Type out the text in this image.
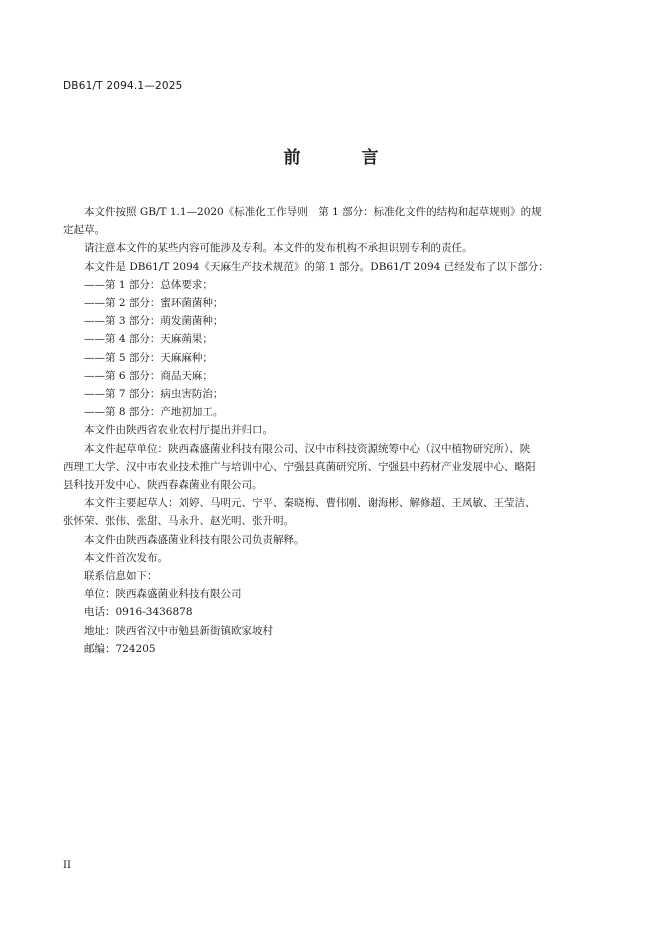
DB61/T 2094.1—2025
前　言

本文件按照 GB/T 1.1—2020《标准化工作导则　第 1 部分：标准化文件的结构和起草规则》的规

定起草。

请注意本文件的某些内容可能涉及专利。本文件的发布机构不承担识别专利的责任。

本文件是 DB61/T 2094《天麻生产技术规范》的第 1 部分。DB61/T 2094 已经发布了以下部分：

——第 1 部分：总体要求；

——第 2 部分：蜜环菌菌种；

——第 3 部分：萌发菌菌种；

——第 4 部分：天麻蒴果；

——第 5 部分：天麻麻种；

——第 6 部分：商品天麻；

——第 7 部分：病虫害防治；

——第 8 部分：产地初加工。

本文件由陕西省农业农村厅提出并归口。

本文件起草单位：陕西森盛菌业科技有限公司、汉中市科技资源统筹中心（汉中植物研究所）、陕

西理工大学、汉中市农业技术推广与培训中心、宁强县真菌研究所、宁强县中药材产业发展中心、略阳

县科技开发中心、陕西春森菌业有限公司。

本文件主要起草人：刘婷、马明元、宁平、秦晓梅、曹伟刚、谢海彬、解修超、王凤敏、王莹洁、

张怀荣、张伟、张甜、马永升、赵光明、张升明。

本文件由陕西森盛菌业科技有限公司负责解释。

本文件首次发布。

联系信息如下：

单位：陕西森盛菌业科技有限公司

电话：0916-3436878

地址：陕西省汉中市勉县新街镇欧家坡村

邮编：724205

II
